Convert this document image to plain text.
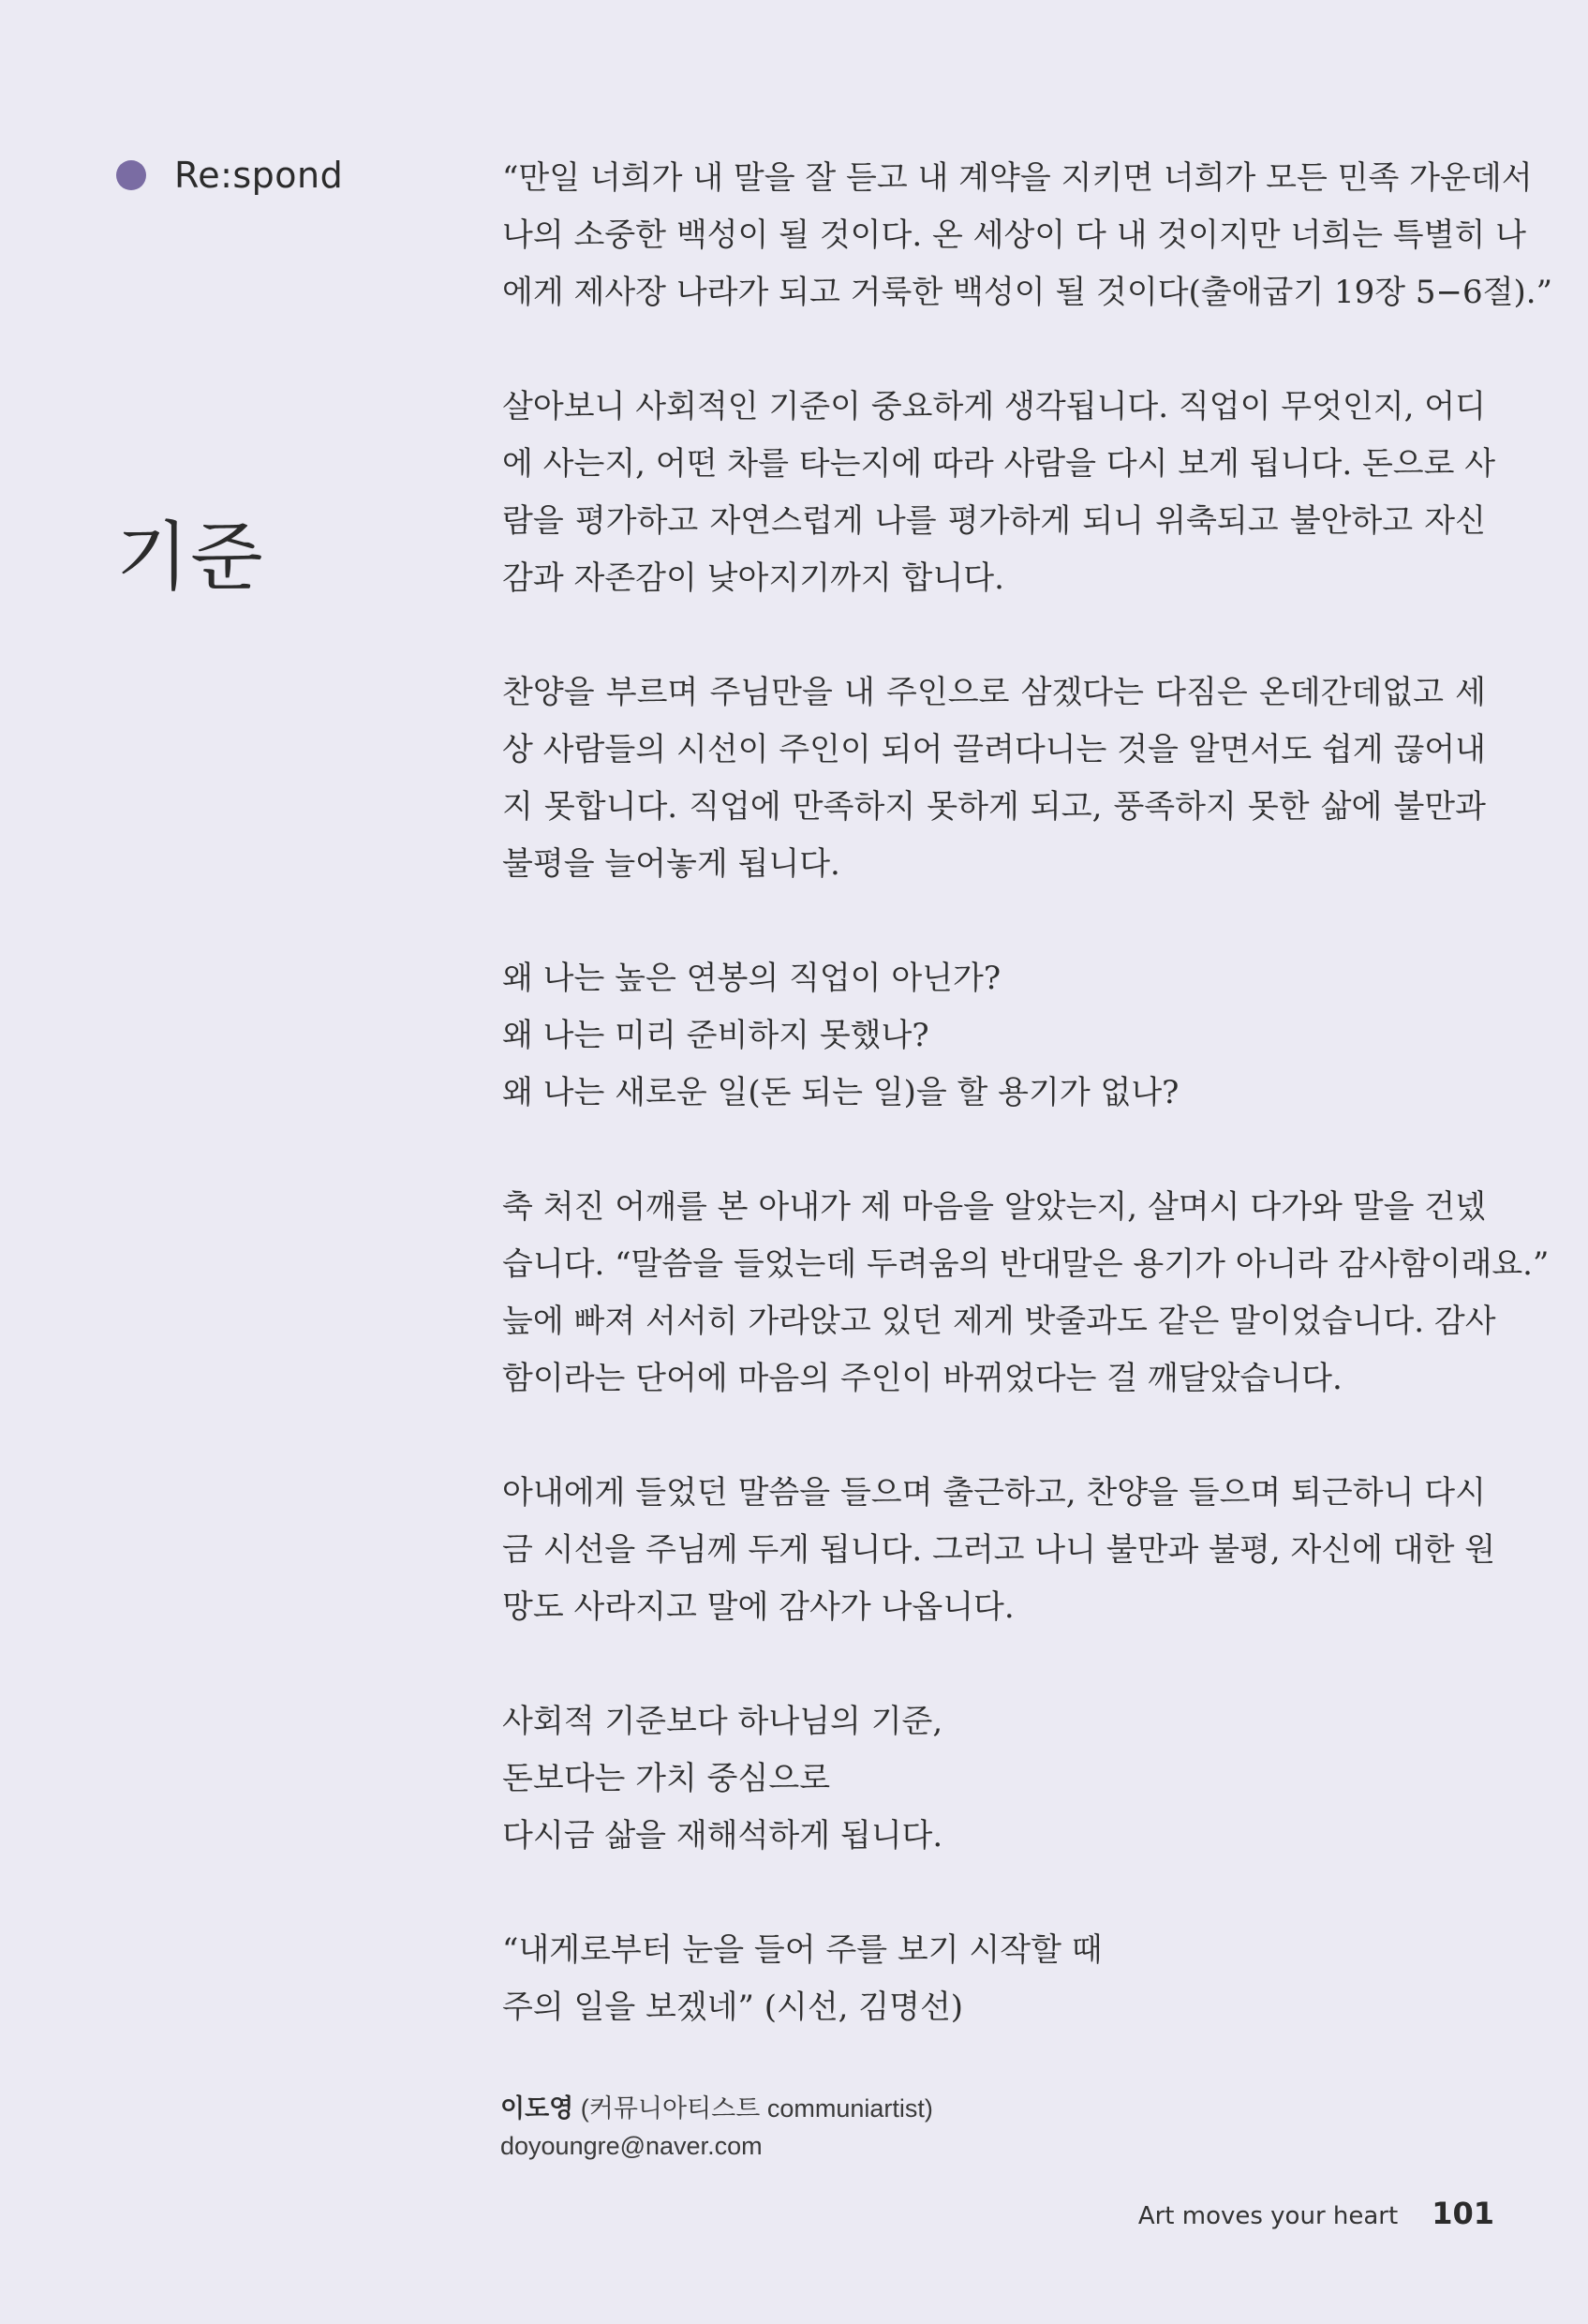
Re:spond
기준

“만일 너희가 내 말을 잘 듣고 내 계약을 지키면 너희가 모든 민족 가운데서
나의 소중한 백성이 될 것이다. 온 세상이 다 내 것이지만 너희는 특별히 나
에게 제사장 나라가 되고 거룩한 백성이 될 것이다(출애굽기 19장 5−6절).”

살아보니 사회적인 기준이 중요하게 생각됩니다. 직업이 무엇인지, 어디
에 사는지, 어떤 차를 타는지에 따라 사람을 다시 보게 됩니다. 돈으로 사
람을 평가하고 자연스럽게 나를 평가하게 되니 위축되고 불안하고 자신
감과 자존감이 낮아지기까지 합니다.

찬양을 부르며 주님만을 내 주인으로 삼겠다는 다짐은 온데간데없고 세
상 사람들의 시선이 주인이 되어 끌려다니는 것을 알면서도 쉽게 끊어내
지 못합니다. 직업에 만족하지 못하게 되고, 풍족하지 못한 삶에 불만과
불평을 늘어놓게 됩니다.

왜 나는 높은 연봉의 직업이 아닌가?
왜 나는 미리 준비하지 못했나?
왜 나는 새로운 일(돈 되는 일)을 할 용기가 없나?

축 처진 어깨를 본 아내가 제 마음을 알았는지, 살며시 다가와 말을 건넸
습니다. “말씀을 들었는데 두려움의 반대말은 용기가 아니라 감사함이래요.”
늪에 빠져 서서히 가라앉고 있던 제게 밧줄과도 같은 말이었습니다. 감사
함이라는 단어에 마음의 주인이 바뀌었다는 걸 깨달았습니다.

아내에게 들었던 말씀을 들으며 출근하고, 찬양을 들으며 퇴근하니 다시
금 시선을 주님께 두게 됩니다. 그러고 나니 불만과 불평, 자신에 대한 원
망도 사라지고 말에 감사가 나옵니다.

사회적 기준보다 하나님의 기준,
돈보다는 가치 중심으로
다시금 삶을 재해석하게 됩니다.

“내게로부터 눈을 들어 주를 보기 시작할 때
주의 일을 보겠네” (시선, 김명선)

이도영 (커뮤니아티스트 communiartist)
doyoungre@naver.com
Art moves your heart 101
